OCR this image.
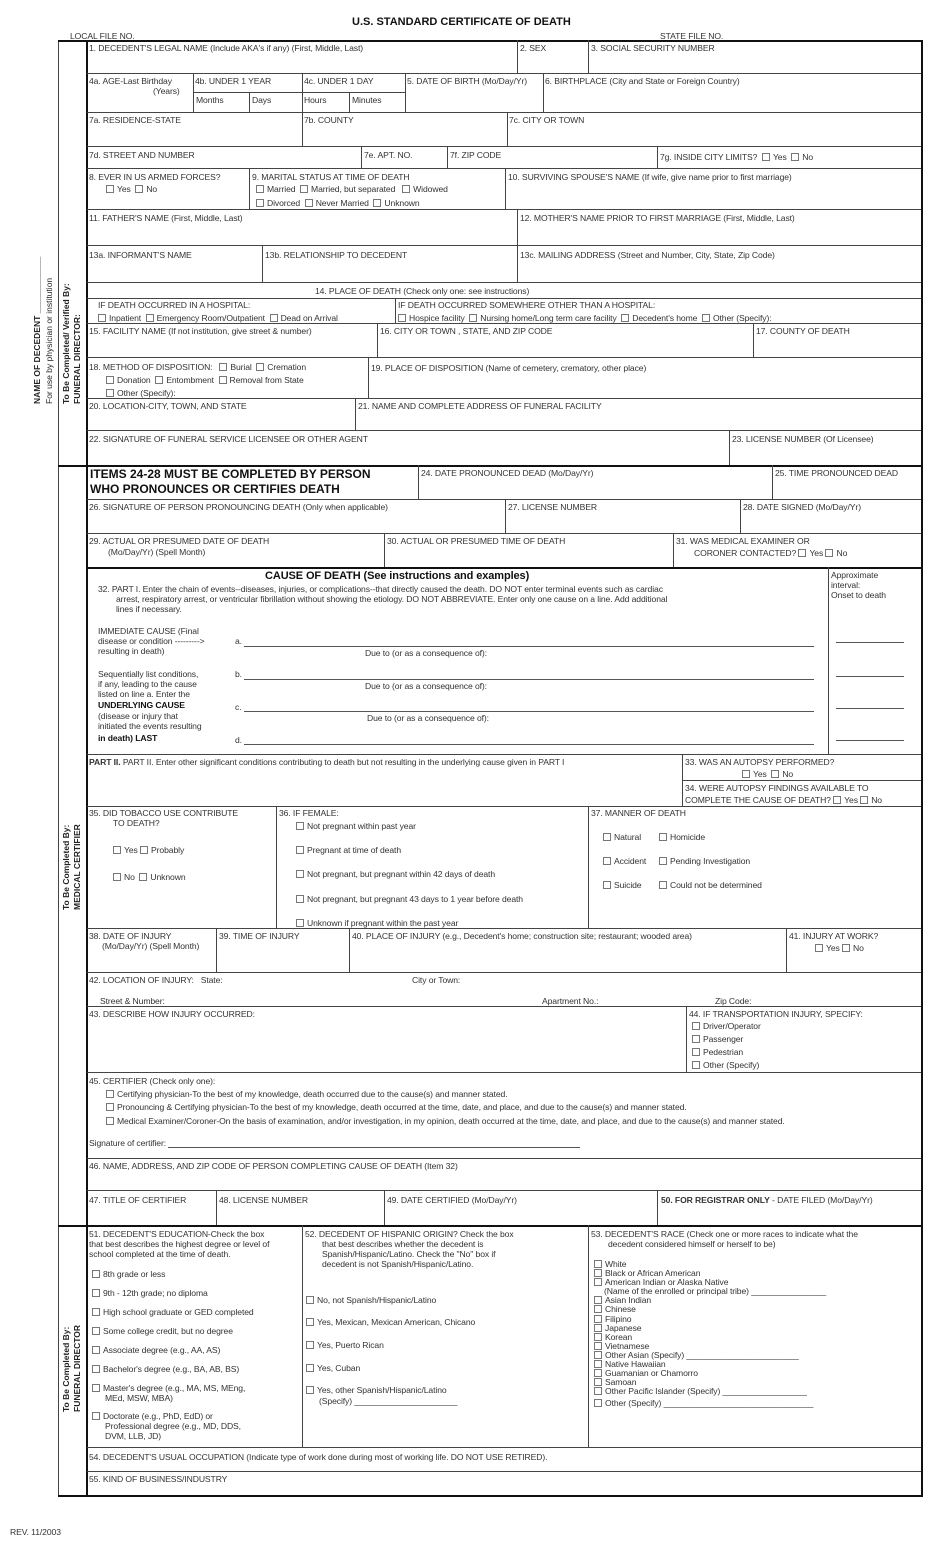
U.S. STANDARD CERTIFICATE OF DEATH
LOCAL FILE NO.	STATE FILE NO.
NAME OF DECEDENT ____________ For use by physician or institution To Be Completed/ Verified By: FUNERAL DIRECTOR:
To Be Completed By: MEDICAL CERTIFIER
To Be Completed By: FUNERAL DIRECTOR
1. DECEDENT'S LEGAL NAME (Include AKA's if any) (First, Middle, Last)	2. SEX	3. SOCIAL SECURITY NUMBER
4a. AGE-Last Birthday
(Years)
4b. UNDER 1 YEAR
Months	Days
4c. UNDER 1 DAY
Hours	Minutes
5. DATE OF BIRTH (Mo/Day/Yr) 6. BIRTHPLACE (City and State or Foreign Country)
7a. RESIDENCE-STATE	7b. COUNTY	7c. CITY OR TOWN
7d. STREET AND NUMBER	7e. APT. NO.	7f. ZIP CODE	7g. INSIDE CITY LIMITS? Yes No
8. EVER IN US ARMED FORCES?
Yes No
9. MARITAL STATUS AT TIME OF DEATH
Married Married, but separated Widowed
Divorced Never Married Unknown
10. SURVIVING SPOUSE'S NAME (If wife, give name prior to first marriage)
11. FATHER'S NAME (First, Middle, Last)	12. MOTHER'S NAME PRIOR TO FIRST MARRIAGE (First, Middle, Last)
13a. INFORMANT'S NAME	13b. RELATIONSHIP TO DECEDENT	13c. MAILING ADDRESS (Street and Number, City, State, Zip Code)
14. PLACE OF DEATH (Check only one: see instructions)
IF DEATH OCCURRED IN A HOSPITAL:
Inpatient Emergency Room/Outpatient Dead on Arrival
IF DEATH OCCURRED SOMEWHERE OTHER THAN A HOSPITAL:
Hospice facility Nursing home/Long term care facility Decedent's home Other (Specify):
15. FACILITY NAME (If not institution, give street & number)	16. CITY OR TOWN , STATE, AND ZIP CODE	17. COUNTY OF DEATH
18. METHOD OF DISPOSITION: Burial Cremation
Donation Entombment Removal from State
Other (Specify):
19. PLACE OF DISPOSITION (Name of cemetery, crematory, other place)
20. LOCATION-CITY, TOWN, AND STATE	21. NAME AND COMPLETE ADDRESS OF FUNERAL FACILITY
22. SIGNATURE OF FUNERAL SERVICE LICENSEE OR OTHER AGENT	23. LICENSE NUMBER (Of Licensee)
ITEMS 24-28 MUST BE COMPLETED BY PERSON
WHO PRONOUNCES OR CERTIFIES DEATH
24. DATE PRONOUNCED DEAD (Mo/Day/Yr)	25. TIME PRONOUNCED DEAD
26. SIGNATURE OF PERSON PRONOUNCING DEATH (Only when applicable)	27. LICENSE NUMBER	28. DATE SIGNED (Mo/Day/Yr)
29. ACTUAL OR PRESUMED DATE OF DEATH
(Mo/Day/Yr) (Spell Month)
30. ACTUAL OR PRESUMED TIME OF DEATH	31. WAS MEDICAL EXAMINER OR
CORONER CONTACTED? Yes No
CAUSE OF DEATH (See instructions and examples)	Approximate
interval:
Onset to death
32. PART I. Enter the chain of events--diseases, injuries, or complications--that directly caused the death. DO NOT enter terminal events such as cardiac
arrest, respiratory arrest, or ventricular fibrillation without showing the etiology. DO NOT ABBREVIATE. Enter only one cause on a line. Add additional
lines if necessary.
IMMEDIATE CAUSE (Final
disease or condition --------->
resulting in death)
Sequentially list conditions,
if any, leading to the cause
listed on line a. Enter the
UNDERLYING CAUSE
(disease or injury that
initiated the events resulting
in death) LAST
a.
Due to (or as a consequence of):
b.
Due to (or as a consequence of):
c.
Due to (or as a consequence of):
d.
PART II. PART II. Enter other significant conditions contributing to death but not resulting in the underlying cause given in PART I	33. WAS AN AUTOPSY PERFORMED?
Yes No
34. WERE AUTOPSY FINDINGS AVAILABLE TO
COMPLETE THE CAUSE OF DEATH? Yes No
35. DID TOBACCO USE CONTRIBUTE
TO DEATH?
Yes Probably
No Unknown
36. IF FEMALE:
Not pregnant within past year
Pregnant at time of death
Not pregnant, but pregnant within 42 days of death
Not pregnant, but pregnant 43 days to 1 year before death
Unknown if pregnant within the past year
37. MANNER OF DEATH
Natural	Homicide
Accident	Pending Investigation
Suicide	Could not be determined
38. DATE OF INJURY
(Mo/Day/Yr) (Spell Month)
39. TIME OF INJURY	40. PLACE OF INJURY (e.g., Decedent's home; construction site; restaurant; wooded area)	41. INJURY AT WORK?
Yes No
42. LOCATION OF INJURY: State:	City or Town:
Street & Number:	Apartment No.:	Zip Code:
43. DESCRIBE HOW INJURY OCCURRED:	44. IF TRANSPORTATION INJURY, SPECIFY:
Driver/Operator
Passenger
Pedestrian
Other (Specify)
45. CERTIFIER (Check only one):
Certifying physician-To the best of my knowledge, death occurred due to the cause(s) and manner stated.
Pronouncing & Certifying physician-To the best of my knowledge, death occurred at the time, date, and place, and due to the cause(s) and manner stated.
Medical Examiner/Coroner-On the basis of examination, and/or investigation, in my opinion, death occurred at the time, date, and place, and due to the cause(s) and manner stated.
Signature of certifier:
46. NAME, ADDRESS, AND ZIP CODE OF PERSON COMPLETING CAUSE OF DEATH (Item 32)
47. TITLE OF CERTIFIER	48. LICENSE NUMBER	49. DATE CERTIFIED (Mo/Day/Yr)	50. FOR REGISTRAR ONLY - DATE FILED (Mo/Day/Yr)
51. DECEDENT'S EDUCATION-Check the box
that best describes the highest degree or level of
school completed at the time of death.
8th grade or less
9th - 12th grade; no diploma
High school graduate or GED completed
Some college credit, but no degree
Associate degree (e.g., AA, AS)
Bachelor's degree (e.g., BA, AB, BS)
Master's degree (e.g., MA, MS, MEng,
MEd, MSW, MBA)
Doctorate (e.g., PhD, EdD) or
Professional degree (e.g., MD, DDS,
DVM, LLB, JD)
52. DECEDENT OF HISPANIC ORIGIN? Check the box
that best describes whether the decedent is
Spanish/Hispanic/Latino. Check the "No" box if
decedent is not Spanish/Hispanic/Latino.
No, not Spanish/Hispanic/Latino
Yes, Mexican, Mexican American, Chicano
Yes, Puerto Rican
Yes, Cuban
Yes, other Spanish/Hispanic/Latino
(Specify) ______________________
53. DECEDENT'S RACE (Check one or more races to indicate what the
decedent considered himself or herself to be)
White
Black or African American
American Indian or Alaska Native
(Name of the enrolled or principal tribe) ________________
Asian Indian
Chinese
Filipino
Japanese
Korean
Vietnamese
Other Asian (Specify) ________________________
Native Hawaiian
Guamanian or Chamorro
Samoan
Other Pacific Islander (Specify) __________________
Other (Specify) ________________________________
54. DECEDENT'S USUAL OCCUPATION (Indicate type of work done during most of working life. DO NOT USE RETIRED).
55. KIND OF BUSINESS/INDUSTRY
REV. 11/2003
